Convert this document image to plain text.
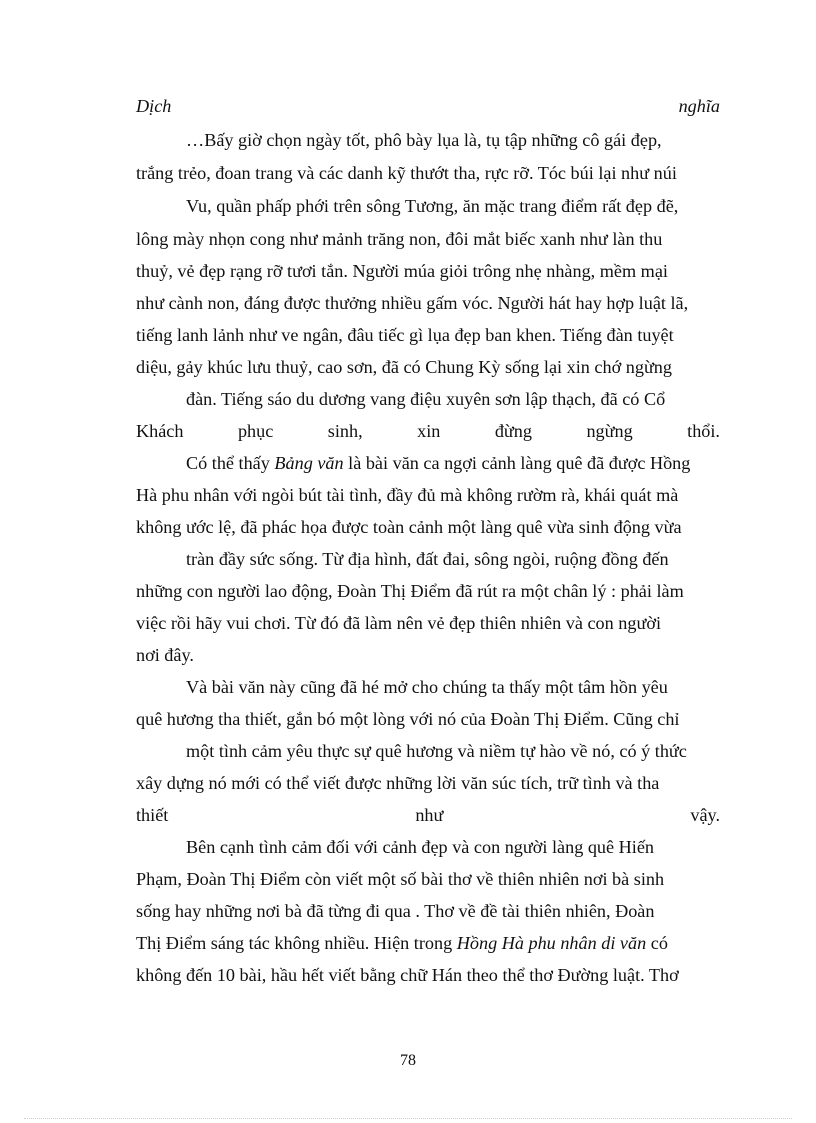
Dịch	nghĩa
…Bấy giờ chọn ngày tốt, phô bày lụa là, tụ tập những cô gái đẹp,
trắng trẻo, đoan trang và các danh kỹ thướt tha, rực rỡ. Tóc búi lại như núi
Vu, quần phấp phới trên sông Tương, ăn mặc trang điểm rất đẹp đẽ,
lông mày nhọn cong như mảnh trăng non, đôi mắt biếc xanh như làn thu
thuỷ, vẻ đẹp rạng rỡ tươi tắn. Người múa giỏi trông nhẹ nhàng, mềm mại
như cành non, đáng được thưởng nhiều gấm vóc. Người hát hay hợp luật lã,
tiếng lanh lảnh như ve ngân, đâu tiếc gì lụa đẹp ban khen. Tiếng đàn tuyệt
diệu, gảy khúc lưu thuỷ, cao sơn, đã có Chung Kỳ sống lại xin chớ ngừng
đàn. Tiếng sáo du dương vang điệu xuyên sơn lập thạch, đã có Cổ
Khách	phục	sinh,	xin	đừng	ngừng	thổi.
Có thể thấy Bảng văn là bài văn ca ngợi cảnh làng quê đã được Hồng
Hà phu nhân với ngòi bút tài tình, đầy đủ mà không rườm rà, khái quát mà
không ước lệ, đã phác họa được toàn cảnh một làng quê vừa sinh động vừa
tràn đầy sức sống. Từ địa hình, đất đai, sông ngòi, ruộng đồng đến
những con người lao động, Đoàn Thị Điểm đã rút ra một chân lý : phải làm
việc rồi hãy vui chơi. Từ đó đã làm nên vẻ đẹp thiên nhiên và con người
nơi đây.
Và bài văn này cũng đã hé mở cho chúng ta thấy một tâm hồn yêu
quê hương tha thiết, gắn bó một lòng với nó của Đoàn Thị Điểm. Cũng chỉ
một tình cảm yêu thực sự quê hương và niềm tự hào về nó, có ý thức
xây dựng nó mới có thể viết được những lời văn súc tích, trữ tình và tha
thiết	như	vậy.
Bên cạnh tình cảm đối với cảnh đẹp và con người làng quê Hiến
Phạm, Đoàn Thị Điểm còn viết một số bài thơ về thiên nhiên nơi bà sinh
sống hay những nơi bà đã từng đi qua . Thơ về đề tài thiên nhiên, Đoàn
Thị Điểm sáng tác không nhiều. Hiện trong Hồng Hà phu nhân di văn có
không đến 10 bài, hầu hết viết bằng chữ Hán theo thể thơ Đường luật. Thơ
78
